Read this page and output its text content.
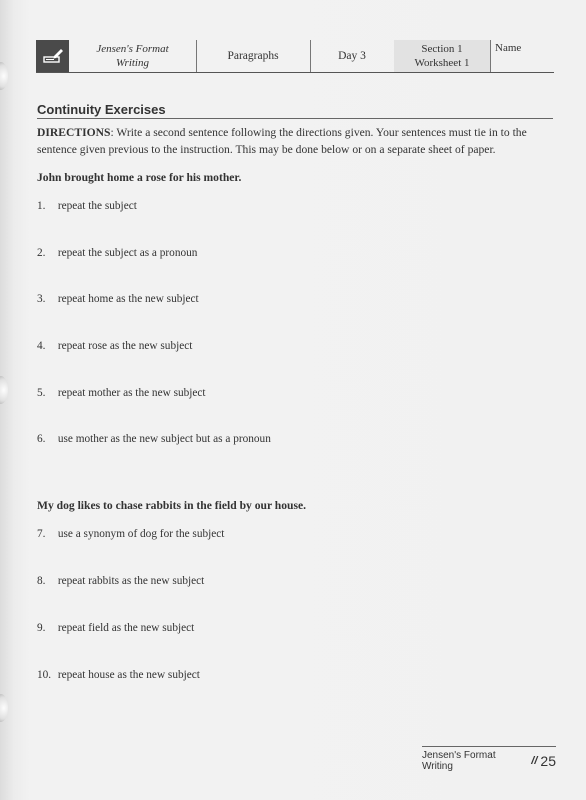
Jensen's Format
Writing
Paragraphs	Day 3
Section 1
Worksheet 1
Name
Continuity Exercises
DIRECTIONS: Write a second sentence following the directions given. Your sentences must tie in to the sentence given previous to the instruction. This may be done below or on a separate sheet of paper.
John brought home a rose for his mother.
1. repeat the subject
2. repeat the subject as a pronoun
3. repeat home as the new subject
4. repeat rose as the new subject
5. repeat mother as the new subject
6. use mother as the new subject but as a pronoun
My dog likes to chase rabbits in the field by our house.
7. use a synonym of dog for the subject
8. repeat rabbits as the new subject
9. repeat field as the new subject
10. repeat house as the new subject
Jensen's Format Writing	// 25
